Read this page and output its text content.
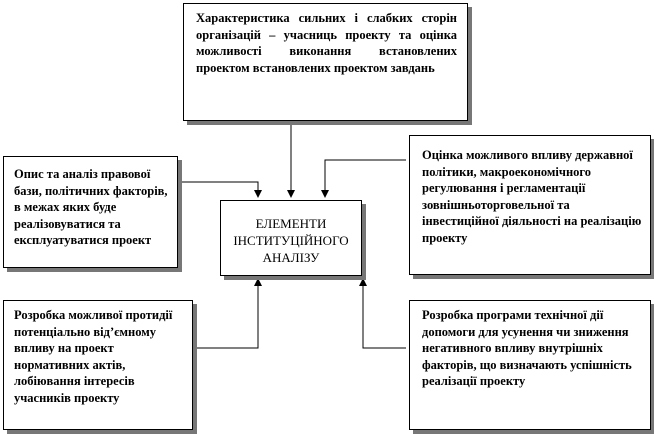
Характеристика сильних і слабких сторін організацій – учасниць проекту та оцінка можливості виконання встановлених проектом встановлених проектом завдань

Опис та аналіз правової бази, політичних факторів, в межах яких буде реалізовуватися та експлуатуватися проект

Оцінка можливого впливу державної політики, макроекономічного регулювання і регламентації зовнішньоторговельної та інвестиційної діяльності на реалізацію проекту

ЕЛЕМЕНТИ
ІНСТИТУЦІЙНОГО
АНАЛІЗУ

Розробка можливої протидії потенціально від’ємному впливу на проект нормативних актів, лобіювання інтересів учасників проекту

Розробка програми технічної дії допомоги для усунення чи зниження негативного впливу внутрішніх факторів, що визначають успішність реалізації проекту
